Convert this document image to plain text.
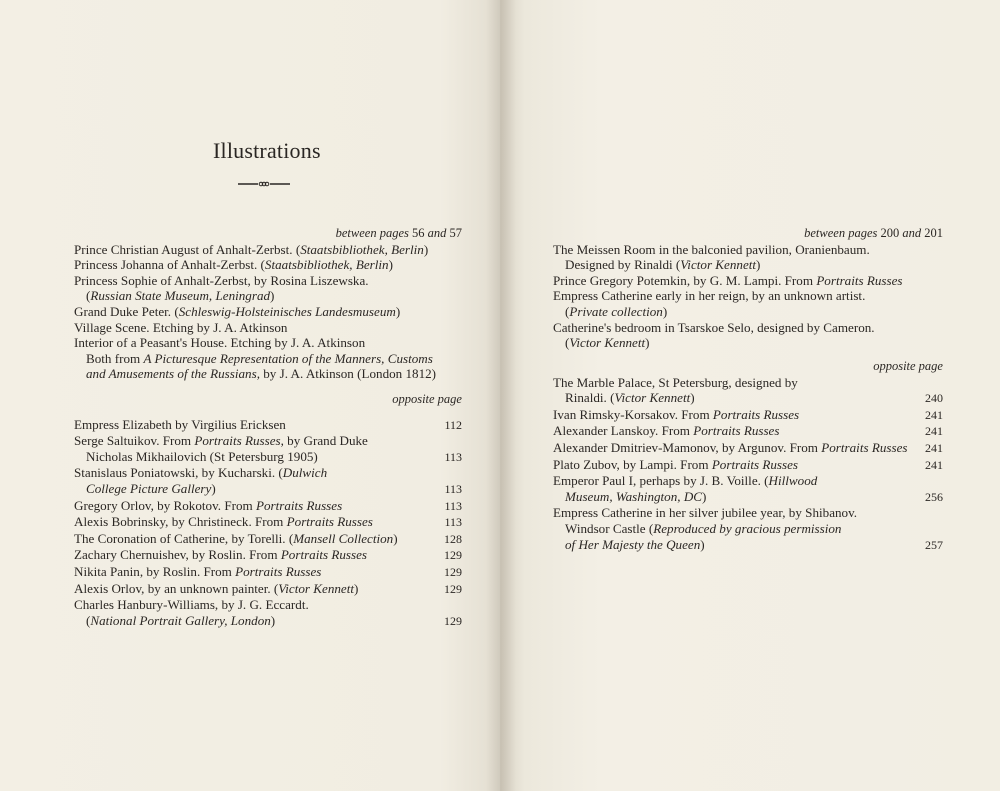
Illustrations
between pages 56 and 57
Prince Christian August of Anhalt-Zerbst. (Staatsbibliothek, Berlin)
Princess Johanna of Anhalt-Zerbst. (Staatsbibliothek, Berlin)
Princess Sophie of Anhalt-Zerbst, by Rosina Liszewska.
(Russian State Museum, Leningrad)
Grand Duke Peter. (Schleswig-Holsteinisches Landesmuseum)
Village Scene. Etching by J. A. Atkinson
Interior of a Peasant's House. Etching by J. A. Atkinson
Both from A Picturesque Representation of the Manners, Customs
and Amusements of the Russians, by J. A. Atkinson (London 1812)
opposite page
Empress Elizabeth by Virgilius Ericksen	112
Serge Saltuikov. From Portraits Russes, by Grand Duke
Nicholas Mikhailovich (St Petersburg 1905)	113
Stanislaus Poniatowski, by Kucharski. (Dulwich
College Picture Gallery)	113
Gregory Orlov, by Rokotov. From Portraits Russes	113
Alexis Bobrinsky, by Christineck. From Portraits Russes	113
The Coronation of Catherine, by Torelli. (Mansell Collection)	128
Zachary Chernuishev, by Roslin. From Portraits Russes	129
Nikita Panin, by Roslin. From Portraits Russes	129
Alexis Orlov, by an unknown painter. (Victor Kennett)	129
Charles Hanbury-Williams, by J. G. Eccardt.
(National Portrait Gallery, London)	129
between pages 200 and 201
The Meissen Room in the balconied pavilion, Oranienbaum.
Designed by Rinaldi (Victor Kennett)
Prince Gregory Potemkin, by G. M. Lampi. From Portraits Russes
Empress Catherine early in her reign, by an unknown artist.
(Private collection)
Catherine's bedroom in Tsarskoe Selo, designed by Cameron.
(Victor Kennett)
opposite page
The Marble Palace, St Petersburg, designed by
Rinaldi. (Victor Kennett)	240
Ivan Rimsky-Korsakov. From Portraits Russes	241
Alexander Lanskoy. From Portraits Russes	241
Alexander Dmitriev-Mamonov, by Argunov. From Portraits Russes	241
Plato Zubov, by Lampi. From Portraits Russes	241
Emperor Paul I, perhaps by J. B. Voille. (Hillwood
Museum, Washington, DC)	256
Empress Catherine in her silver jubilee year, by Shibanov.
Windsor Castle (Reproduced by gracious permission
of Her Majesty the Queen)	257
